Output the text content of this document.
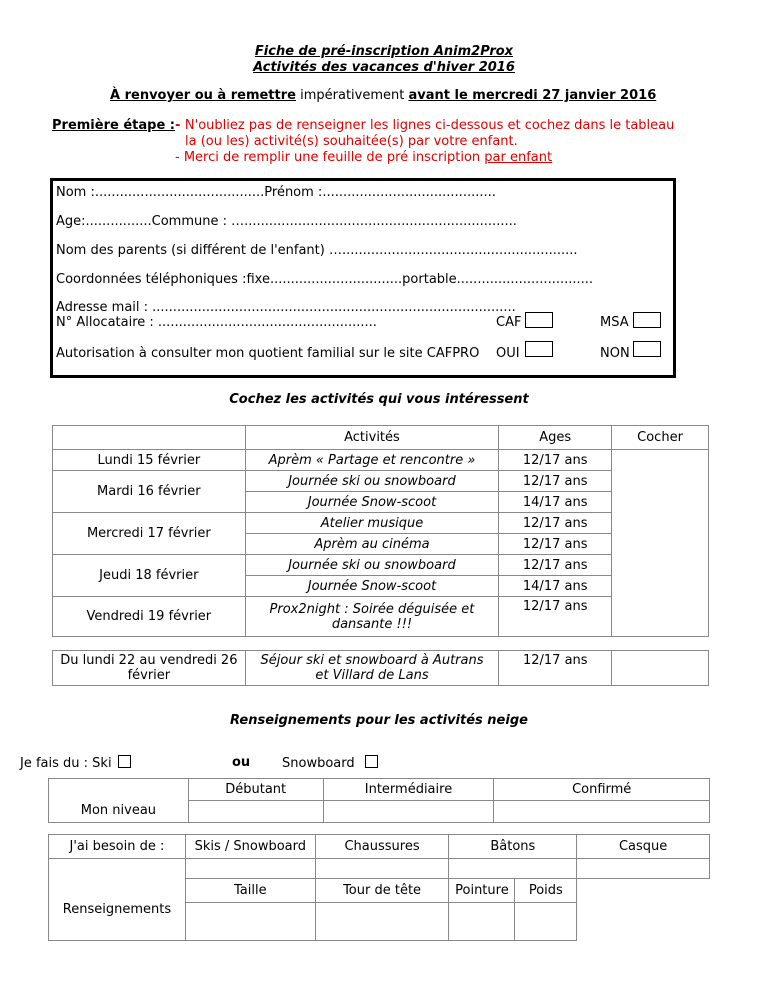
Fiche de pré-inscription Anim2Prox
Activités des vacances d'hiver 2016
À renvoyer ou à remettre impérativement avant le mercredi 27 janvier 2016
Première étape : - N'oubliez pas de renseigner les lignes ci-dessous et cochez dans le tableau
la (ou les) activité(s) souhaitée(s) par votre enfant.
- Merci de remplir une feuille de pré inscription par enfant
Nom :.........................................Prénom :..........................................
Age:................Commune : …..................................................................
Nom des parents (si différent de l'enfant) ….........................................................
Coordonnées téléphoniques :fixe................................portable.................................
Adresse mail : ........................................................................................
N° Allocataire : .....................................................	CAF	MSA
Autorisation à consulter mon quotient familial sur le site CAFPRO OUI	NON
Cochez les activités qui vous intéressent
	Activités	Ages	Cocher
Lundi 15 février	Aprèm « Partage et rencontre »	12/17 ans	
Mardi 16 février	Journée ski ou snowboard	12/17 ans	
	Journée Snow-scoot	14/17 ans	
Mercredi 17 février	Atelier musique	12/17 ans	
	Aprèm au cinéma	12/17 ans	
Jeudi 18 février	Journée ski ou snowboard	12/17 ans	
	Journée Snow-scoot	14/17 ans	
Vendredi 19 février	Prox2night : Soirée déguisée et dansante !!!	12/17 ans	
Du lundi 22 au vendredi 26 février	Séjour ski et snowboard à Autrans et Villard de Lans	12/17 ans	
Renseignements pour les activités neige
Je fais du : Ski	ou Snowboard
Mon niveau	Débutant	Intermédiaire	Confirmé

J'ai besoin de :	Skis / Snowboard	Chaussures	Bâtons		Casque
Renseignements					
	Taille	Tour de tête	Pointure	Poids	
